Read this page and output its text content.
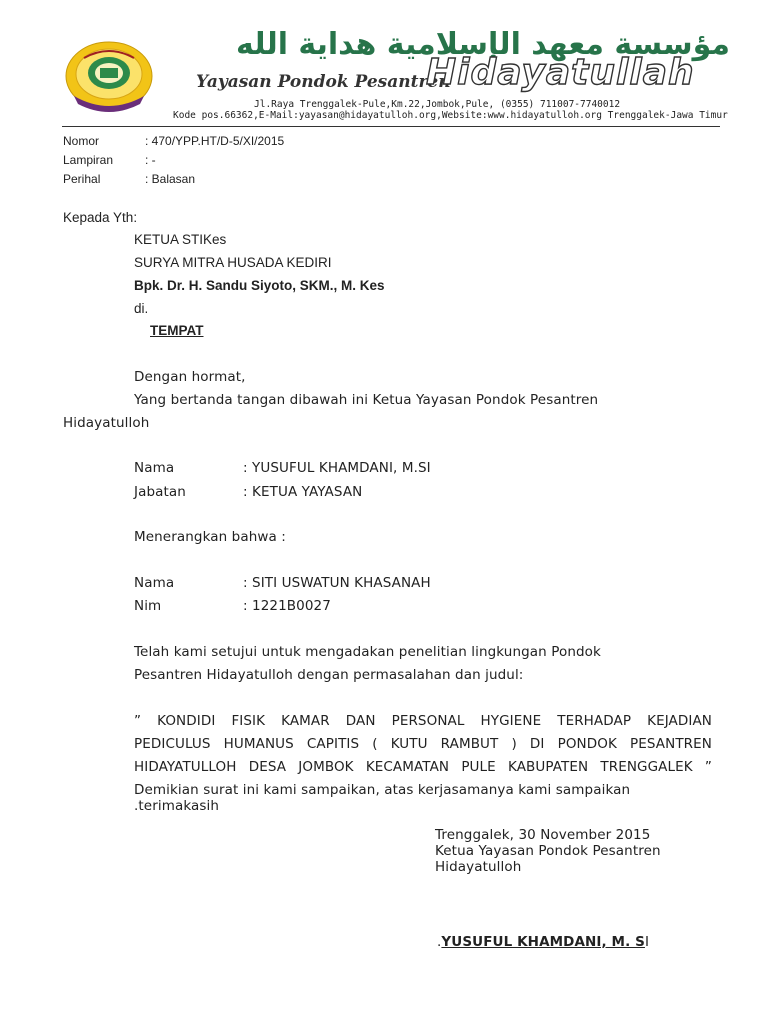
مؤسسة معهد الإسلامية هداية الله
Yayasan Pondok Pesantren
Hidayatullah
Jl.Raya Trenggalek-Pule,Km.22,Jombok,Pule, (0355) 711007-7740012
Kode pos.66362,E-Mail:yayasan@hidayatulloh.org,Website:www.hidayatulloh.org Trenggalek-Jawa Timur
Nomor	: 470/YPP.HT/D-5/XI/2015
Lampiran	: -
Perihal	: Balasan
Kepada Yth:
KETUA STIKes
SURYA MITRA HUSADA KEDIRI
Bpk. Dr. H. Sandu Siyoto, SKM., M. Kes
di.
TEMPAT
Dengan hormat,
Yang bertanda tangan dibawah ini Ketua Yayasan Pondok Pesantren
Hidayatulloh
Nama	: YUSUFUL KHAMDANI, M.SI
Jabatan	: KETUA YAYASAN
Menerangkan bahwa :
Nama	: SITI USWATUN KHASANAH
Nim	: 1221B0027
Telah kami setujui untuk mengadakan penelitian lingkungan Pondok
Pesantren Hidayatulloh dengan permasalahan dan judul:
” KONDIDI FISIK KAMAR DAN PERSONAL HYGIENE TERHADAP KEJADIAN
PEDICULUS HUMANUS CAPITIS ( KUTU RAMBUT ) DI PONDOK PESANTREN
HIDAYATULLOH DESA JOMBOK KECAMATAN PULE KABUPATEN TRENGGALEK ”
Demikian surat ini kami sampaikan, atas kerjasamanya kami sampaikan
.terimakasih
Trenggalek, 30 November 2015
Ketua Yayasan Pondok Pesantren
Hidayatulloh
.YUSUFUL KHAMDANI, M. SI
